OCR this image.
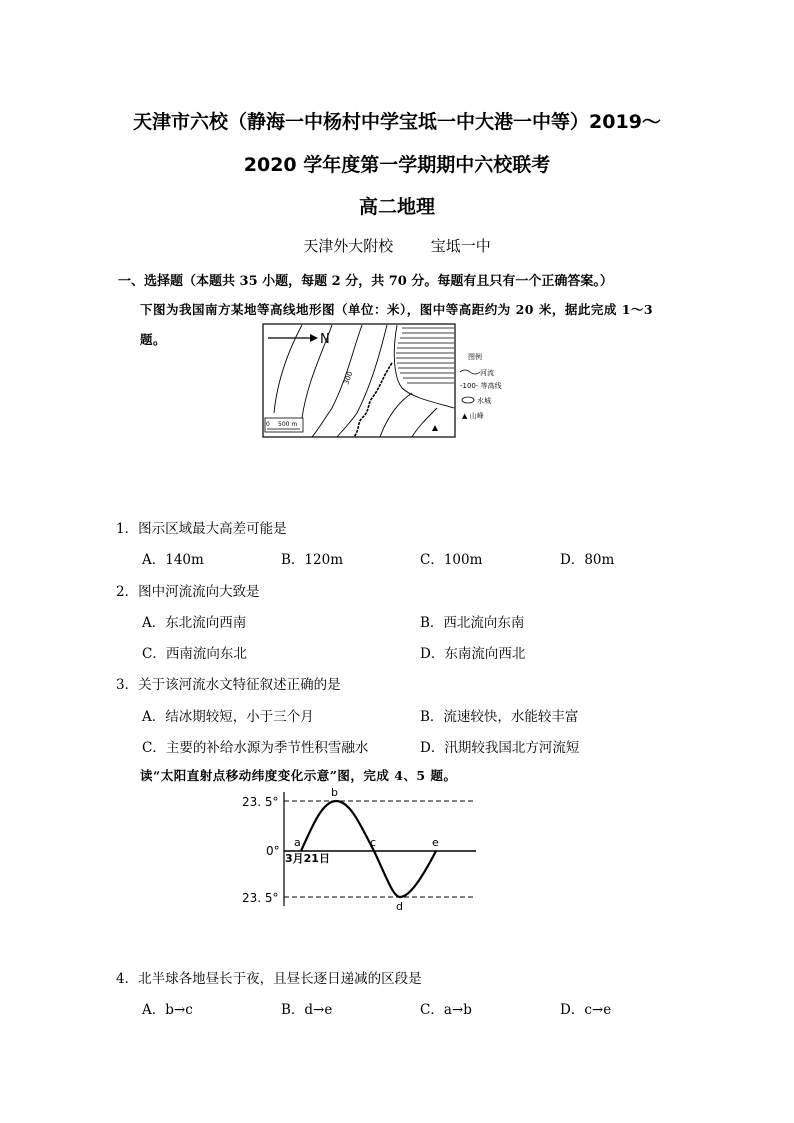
天津市六校（静海一中杨村中学宝坻一中大港一中等）2019～
2020 学年度第一学期期中六校联考
高二地理
天津外大附校	宝坻一中
一、选择题（本题共 35 小题，每题 2 分，共 70 分。每题有且只有一个正确答案。）
下图为我国南方某地等高线地形图（单位：米），图中等高距约为 20 米，据此完成 1～3
题。	N
300
0 500 m
图例
河流
-100- 等高线
水城
▲ 山峰
1．图示区域最大高差可能是
A．140m	B．120m	C．100m	D．80m
2．图中河流流向大致是
A．东北流向西南	B．西北流向东南
C．西南流向东北	D．东南流向西北
3．关于该河流水文特征叙述正确的是
A．结冰期较短，小于三个月	B．流速较快，水能较丰富
C．主要的补给水源为季节性积雪融水	D．汛期较我国北方河流短
读“太阳直射点移动纬度变化示意”图，完成 4、5 题。
23. 5°
0°
23. 5°
a
b
c
d
e
3月21日
4．北半球各地昼长于夜，且昼长逐日递减的区段是
A．b→c	B．d→e	C．a→b	D．c→e
